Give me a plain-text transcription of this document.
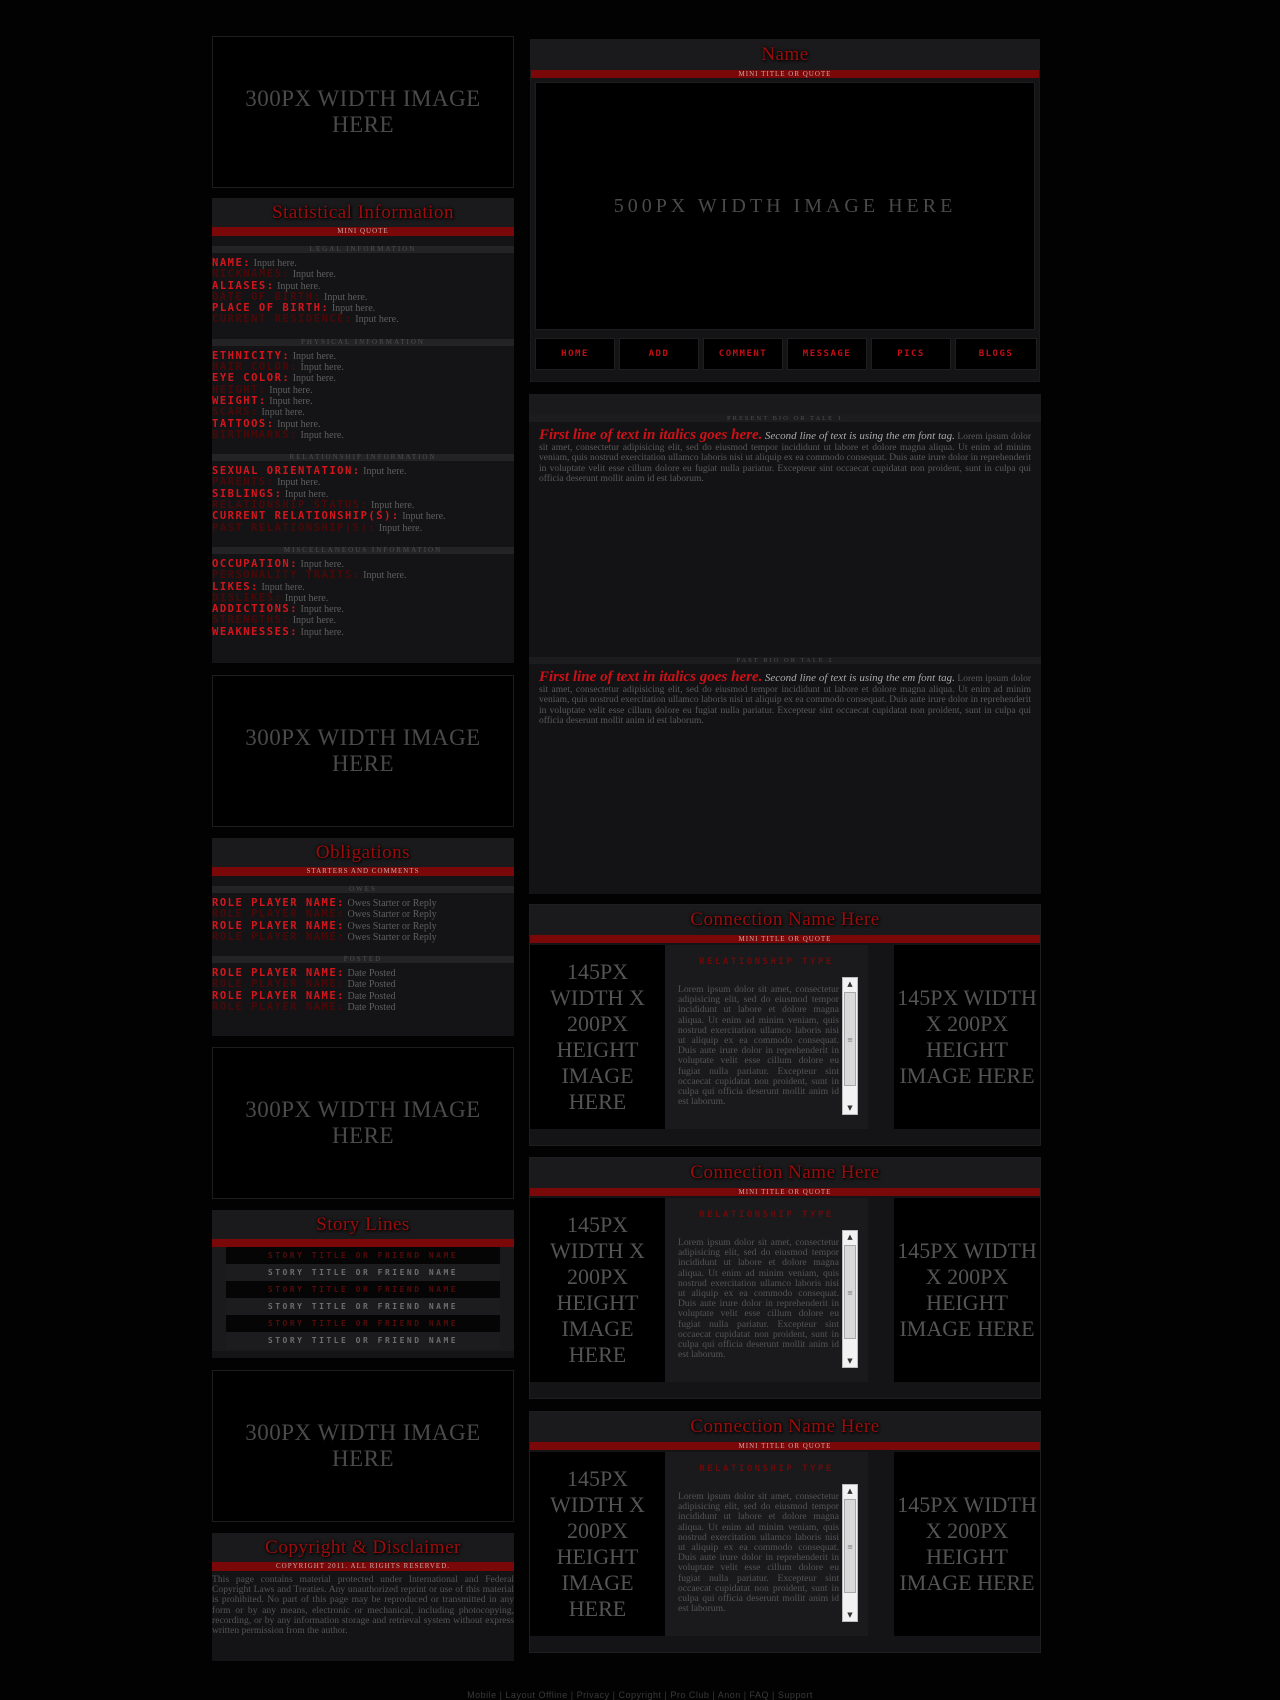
300PX WIDTH IMAGE HERE
Statistical Information
MINI QUOTE
LEGAL INFORMATION
NAME: Input here.
NICKNAMES: Input here.
ALIASES: Input here.
DATE OF BIRTH: Input here.
PLACE OF BIRTH: Input here.
CURRENT RESIDENCE: Input here.
PHYSICAL INFORMATION
ETHNICITY: Input here.
HAIR COLOR: Input here.
EYE COLOR: Input here.
HEIGHT: Input here.
WEIGHT: Input here.
SCARS: Input here.
TATTOOS: Input here.
BIRTHMARKS: Input here.
RELATIONSHIP INFORMATION
SEXUAL ORIENTATION: Input here.
PARENTS: Input here.
SIBLINGS: Input here.
RELATIONSHIP STATUS: Input here.
CURRENT RELATIONSHIP(S): Input here.
PAST RELATIONSHIP(S): Input here.
MISCELLANEOUS INFORMATION
OCCUPATION: Input here.
PERSONALITY TRAITS: Input here.
LIKES: Input here.
DISLIKES: Input here.
ADDICTIONS: Input here.
STRENGTHS: Input here.
WEAKNESSES: Input here.
300PX WIDTH IMAGE HERE
Obligations
STARTERS AND COMMENTS
OWES
ROLE PLAYER NAME: Owes Starter or Reply
ROLE PLAYER NAME: Owes Starter or Reply
ROLE PLAYER NAME: Owes Starter or Reply
ROLE PLAYER NAME: Owes Starter or Reply
POSTED
ROLE PLAYER NAME: Date Posted
ROLE PLAYER NAME: Date Posted
ROLE PLAYER NAME: Date Posted
ROLE PLAYER NAME: Date Posted
300PX WIDTH IMAGE HERE
Story Lines
STORY TITLE OR FRIEND NAME
STORY TITLE OR FRIEND NAME
STORY TITLE OR FRIEND NAME
STORY TITLE OR FRIEND NAME
STORY TITLE OR FRIEND NAME
STORY TITLE OR FRIEND NAME
300PX WIDTH IMAGE HERE
Copyright & Disclaimer
COPYRIGHT 2011. ALL RIGHTS RESERVED.
This page contains material protected under International and Federal Copyright Laws and Treaties. Any unauthorized reprint or use of this material is prohibited. No part of this page may be reproduced or transmitted in any form or by any means, electronic or mechanical, including photocopying, recording, or by any information storage and retrieval system without express written permission from the author.
Name
MINI TITLE OR QUOTE
500PX WIDTH IMAGE HERE
HOME	ADD	COMMENT	MESSAGE	PICS	BLOGS
PRESENT BIO OR TALE 1
First line of text in italics goes here. Second line of text is using the em font tag. Lorem ipsum dolor sit amet, consectetur adipisicing elit, sed do eiusmod tempor incididunt ut labore et dolore magna aliqua. Ut enim ad minim veniam, quis nostrud exercitation ullamco laboris nisi ut aliquip ex ea commodo consequat. Duis aute irure dolor in reprehenderit in voluptate velit esse cillum dolore eu fugiat nulla pariatur. Excepteur sint occaecat cupidatat non proident, sunt in culpa qui officia deserunt mollit anim id est laborum.
PAST BIO OR TALE 2
First line of text in italics goes here. Second line of text is using the em font tag. Lorem ipsum dolor sit amet, consectetur adipisicing elit, sed do eiusmod tempor incididunt ut labore et dolore magna aliqua. Ut enim ad minim veniam, quis nostrud exercitation ullamco laboris nisi ut aliquip ex ea commodo consequat. Duis aute irure dolor in reprehenderit in voluptate velit esse cillum dolore eu fugiat nulla pariatur. Excepteur sint occaecat cupidatat non proident, sunt in culpa qui officia deserunt mollit anim id est laborum.
Connection Name Here
MINI TITLE OR QUOTE
145PX WIDTH X 200PX HEIGHT IMAGE HERE
RELATIONSHIP TYPE
Lorem ipsum dolor sit amet, consectetur adipisicing elit, sed do eiusmod tempor incididunt ut labore et dolore magna aliqua. Ut enim ad minim veniam, quis nostrud exercitation ullamco laboris nisi ut aliquip ex ea commodo consequat. Duis aute irure dolor in reprehenderit in voluptate velit esse cillum dolore eu fugiat nulla pariatur. Excepteur sint occaecat cupidatat non proident, sunt in culpa qui officia deserunt mollit anim id est laborum.
▲
≡
▼
145PX WIDTH X 200PX HEIGHT IMAGE HERE
Connection Name Here
MINI TITLE OR QUOTE
145PX WIDTH X 200PX HEIGHT IMAGE HERE
RELATIONSHIP TYPE
Lorem ipsum dolor sit amet, consectetur adipisicing elit, sed do eiusmod tempor incididunt ut labore et dolore magna aliqua. Ut enim ad minim veniam, quis nostrud exercitation ullamco laboris nisi ut aliquip ex ea commodo consequat. Duis aute irure dolor in reprehenderit in voluptate velit esse cillum dolore eu fugiat nulla pariatur. Excepteur sint occaecat cupidatat non proident, sunt in culpa qui officia deserunt mollit anim id est laborum.
▲
≡
▼
145PX WIDTH X 200PX HEIGHT IMAGE HERE
Connection Name Here
MINI TITLE OR QUOTE
145PX WIDTH X 200PX HEIGHT IMAGE HERE
RELATIONSHIP TYPE
Lorem ipsum dolor sit amet, consectetur adipisicing elit, sed do eiusmod tempor incididunt ut labore et dolore magna aliqua. Ut enim ad minim veniam, quis nostrud exercitation ullamco laboris nisi ut aliquip ex ea commodo consequat. Duis aute irure dolor in reprehenderit in voluptate velit esse cillum dolore eu fugiat nulla pariatur. Excepteur sint occaecat cupidatat non proident, sunt in culpa qui officia deserunt mollit anim id est laborum.
▲
≡
▼
145PX WIDTH X 200PX HEIGHT IMAGE HERE
Mobile | Layout Offline | Privacy | Copyright | Pro Club | Anon | FAQ | Support
